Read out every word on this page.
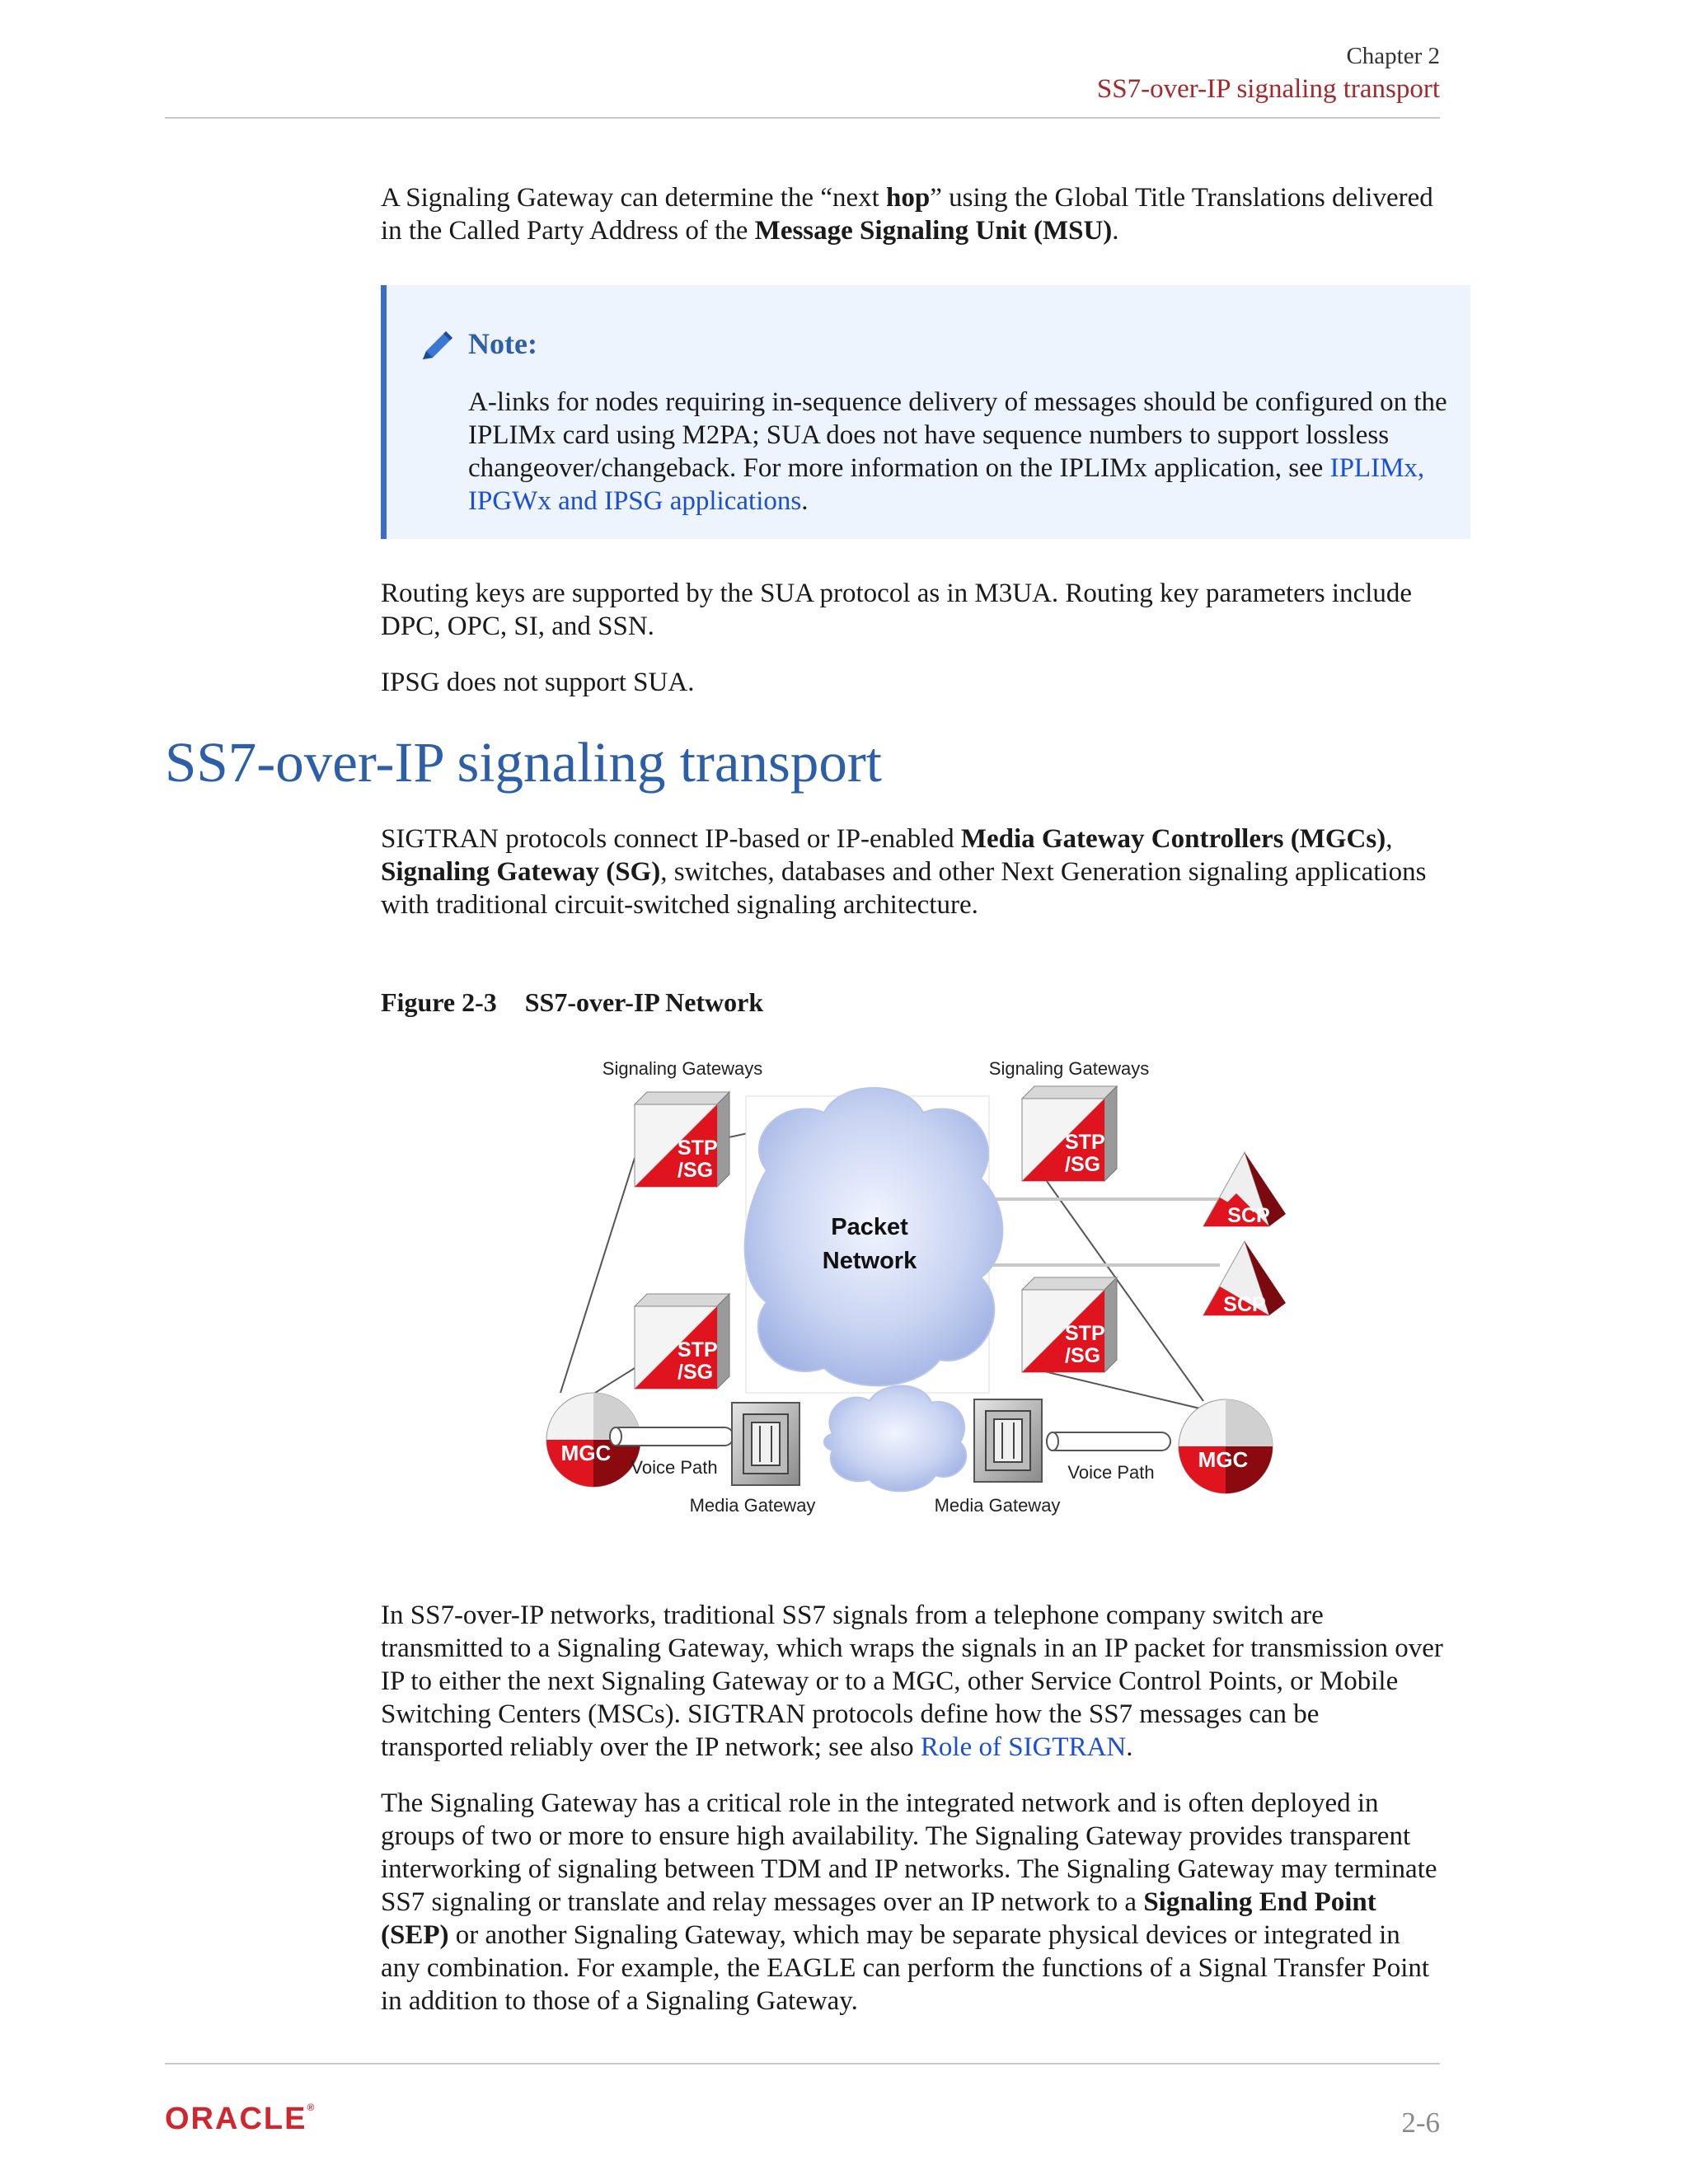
Chapter 2
SS7-over-IP signaling transport

A Signaling Gateway can determine the “next hop” using the Global Title Translations delivered in the Called Party Address of the Message Signaling Unit (MSU).

Note:
A-links for nodes requiring in-sequence delivery of messages should be configured on the IPLIMx card using M2PA; SUA does not have sequence numbers to support lossless changeover/changeback. For more information on the IPLIMx application, see IPLIMx, IPGWx and IPSG applications.

Routing keys are supported by the SUA protocol as in M3UA. Routing key parameters include DPC, OPC, SI, and SSN.

IPSG does not support SUA.

SS7-over-IP signaling transport

SIGTRAN protocols connect IP-based or IP-enabled Media Gateway Controllers (MGCs), Signaling Gateway (SG), switches, databases and other Next Generation signaling applications with traditional circuit-switched signaling architecture.

Figure 2-3 SS7-over-IP Network
Signaling Gateways	Signaling Gateways
Packet
Network
STP
/SG
STP
/SG
STP
/SG
STP
/SG
SCP
SCP
MGC	MGC
Voice Path	Voice Path
Media Gateway	Media Gateway

In SS7-over-IP networks, traditional SS7 signals from a telephone company switch are transmitted to a Signaling Gateway, which wraps the signals in an IP packet for transmission over IP to either the next Signaling Gateway or to a MGC, other Service Control Points, or Mobile Switching Centers (MSCs). SIGTRAN protocols define how the SS7 messages can be transported reliably over the IP network; see also Role of SIGTRAN.

The Signaling Gateway has a critical role in the integrated network and is often deployed in groups of two or more to ensure high availability. The Signaling Gateway provides transparent interworking of signaling between TDM and IP networks. The Signaling Gateway may terminate SS7 signaling or translate and relay messages over an IP network to a Signaling End Point (SEP) or another Signaling Gateway, which may be separate physical devices or integrated in any combination. For example, the EAGLE can perform the functions of a Signal Transfer Point in addition to those of a Signaling Gateway.

ORACLE®	2-6
